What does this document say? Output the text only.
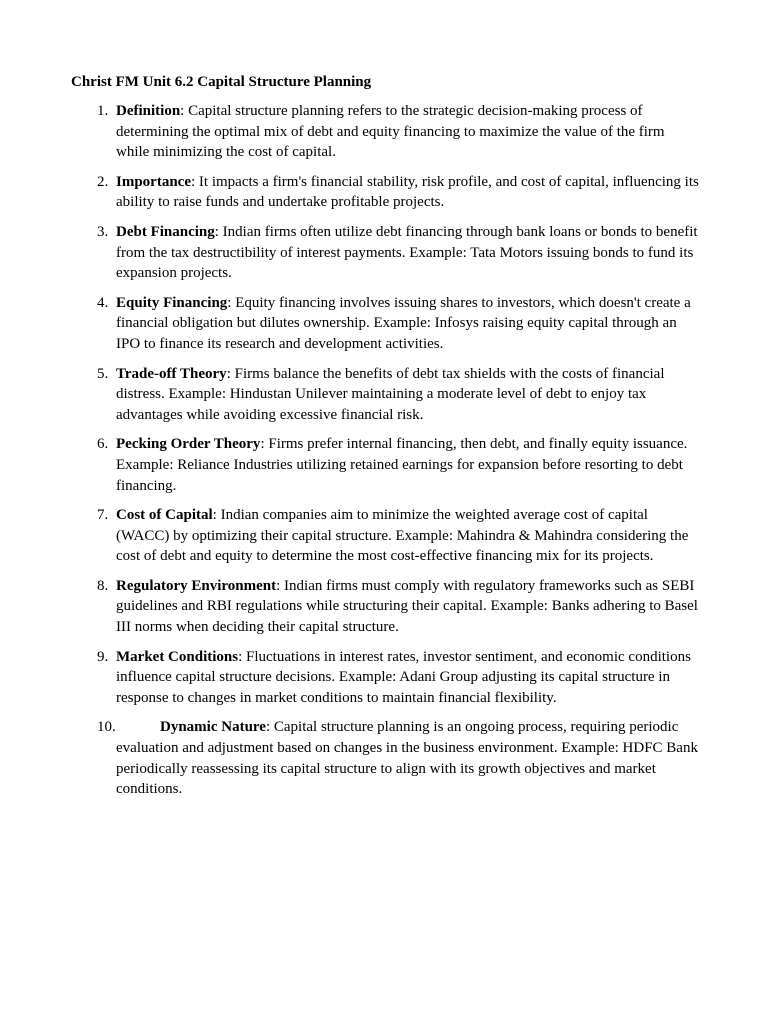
Christ FM Unit 6.2 Capital Structure Planning
1. Definition: Capital structure planning refers to the strategic decision-making process of determining the optimal mix of debt and equity financing to maximize the value of the firm while minimizing the cost of capital.
2. Importance: It impacts a firm's financial stability, risk profile, and cost of capital, influencing its ability to raise funds and undertake profitable projects.
3. Debt Financing: Indian firms often utilize debt financing through bank loans or bonds to benefit from the tax destructibility of interest payments. Example: Tata Motors issuing bonds to fund its expansion projects.
4. Equity Financing: Equity financing involves issuing shares to investors, which doesn't create a financial obligation but dilutes ownership. Example: Infosys raising equity capital through an IPO to finance its research and development activities.
5. Trade-off Theory: Firms balance the benefits of debt tax shields with the costs of financial distress. Example: Hindustan Unilever maintaining a moderate level of debt to enjoy tax advantages while avoiding excessive financial risk.
6. Pecking Order Theory: Firms prefer internal financing, then debt, and finally equity issuance. Example: Reliance Industries utilizing retained earnings for expansion before resorting to debt financing.
7. Cost of Capital: Indian companies aim to minimize the weighted average cost of capital (WACC) by optimizing their capital structure. Example: Mahindra & Mahindra considering the cost of debt and equity to determine the most cost-effective financing mix for its projects.
8. Regulatory Environment: Indian firms must comply with regulatory frameworks such as SEBI guidelines and RBI regulations while structuring their capital. Example: Banks adhering to Basel III norms when deciding their capital structure.
9. Market Conditions: Fluctuations in interest rates, investor sentiment, and economic conditions influence capital structure decisions. Example: Adani Group adjusting its capital structure in response to changes in market conditions to maintain financial flexibility.
10.	Dynamic Nature: Capital structure planning is an ongoing process, requiring periodic evaluation and adjustment based on changes in the business environment. Example: HDFC Bank periodically reassessing its capital structure to align with its growth objectives and market conditions.
